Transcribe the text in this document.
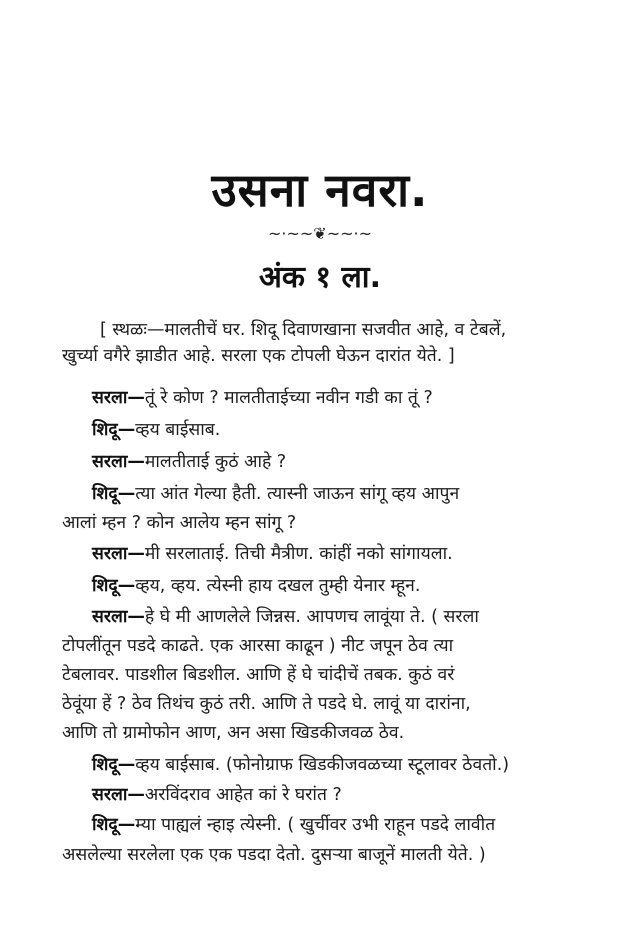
उसना नवरा.
~·~~❦~~·~
अंक १ ला.
[ स्थळः—मालतीचें घर. शिदू दिवाणखाना सजवीत आहे, व टेबलें,
खुर्च्या वगैरे झाडीत आहे. सरला एक टोपली घेऊन दारांत येते. ]
सरला—तूं रे कोण ? मालतीताईच्या नवीन गडी का तूं ?
शिदू—व्हय बाईसाब.
सरला—मालतीताई कुठं आहे ?
शिदू—त्या आंत गेल्या हैती. त्यास्नी जाऊन सांगू व्हय आपुन
आलां म्हन ? कोन आलेय म्हन सांगू ?
सरला—मी सरलाताई. तिची मैत्रीण. कांहीं नको सांगायला.
शिदू—व्हय, व्हय. त्येस्नी हाय दखल तुम्ही येनार म्हून.
सरला—हे घे मी आणलेले जिन्नस. आपणच लावूंया ते. ( सरला
टोपलींतून पडदे काढते. एक आरसा काढून ) नीट जपून ठेव त्या
टेबलावर. पाडशील बिडशील. आणि हें घे चांदीचें तबक. कुठं वरं
ठेवूंया हें ? ठेव तिथंच कुठं तरी. आणि ते पडदे घे. लावूं या दारांना,
आणि तो ग्रामोफोन आण, अन असा खिडकीजवळ ठेव.
शिदू—व्हय बाईसाब. (फोनोग्राफ खिडकीजवळच्या स्टूलावर ठेवतो.)
सरला—अरविंदराव आहेत कां रे घरांत ?
शिदू—म्या पाह्यलं न्हाइ त्येस्नी. ( खुर्चीवर उभी राहून पडदे लावीत
असलेल्या सरलेला एक एक पडदा देतो. दुसऱ्या बाजूनें मालती येते. )
